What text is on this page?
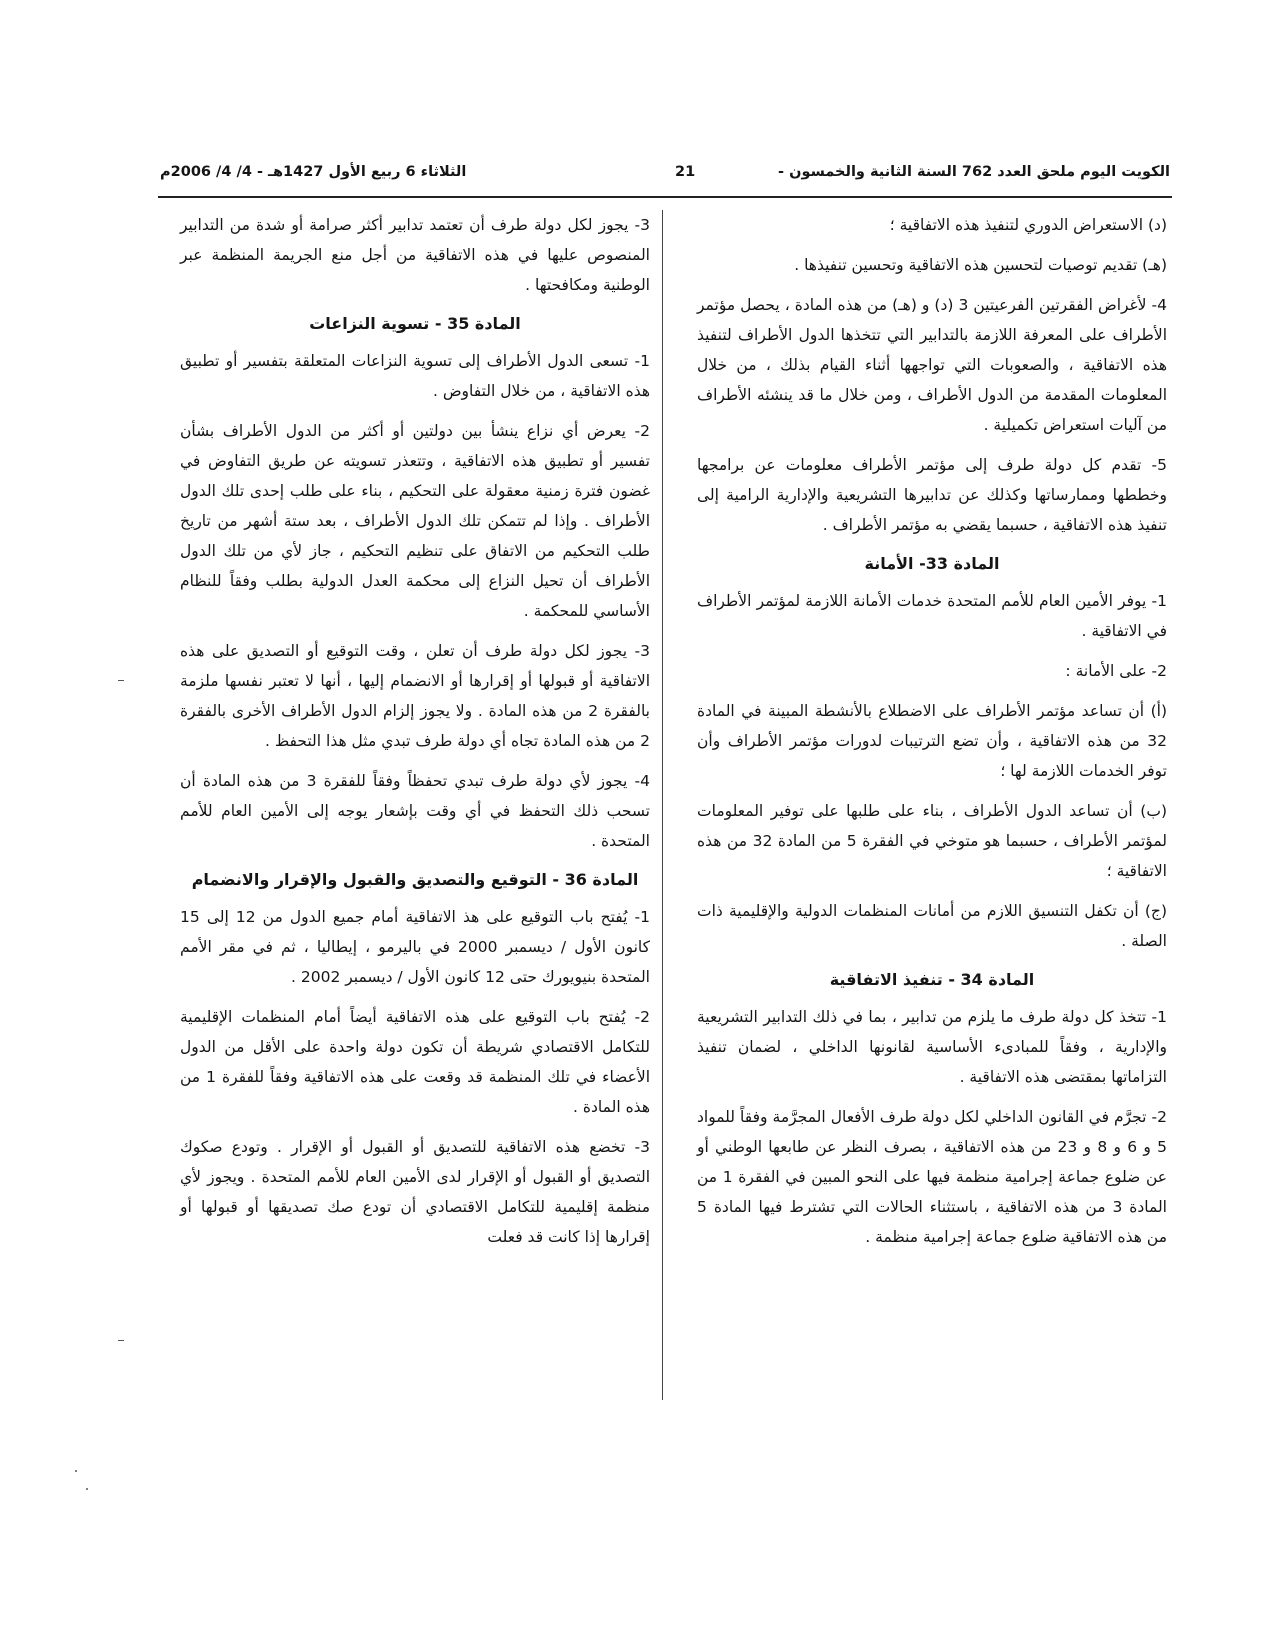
الكويت اليوم ملحق العدد 762 السنة الثانية والخمسون -
21
الثلاثاء 6 ربيع الأول 1427هـ - 4/ 4/ 2006م

(د) الاستعراض الدوري لتنفيذ هذه الاتفاقية ؛

(هـ) تقديم توصيات لتحسين هذه الاتفاقية وتحسين تنفيذها .

4- لأغراض الفقرتين الفرعيتين 3 (د) و (هـ) من هذه المادة ، يحصل مؤتمر الأطراف على المعرفة اللازمة بالتدابير التي تتخذها الدول الأطراف لتنفيذ هذه الاتفاقية ، والصعوبات التي تواجهها أثناء القيام بذلك ، من خلال المعلومات المقدمة من الدول الأطراف ، ومن خلال ما قد ينشئه الأطراف من آليات استعراض تكميلية .

5- تقدم كل دولة طرف إلى مؤتمر الأطراف معلومات عن برامجها وخططها وممارساتها وكذلك عن تدابيرها التشريعية والإدارية الرامية إلى تنفيذ هذه الاتفاقية ، حسبما يقضي به مؤتمر الأطراف .

المادة 33- الأمانة

1- يوفر الأمين العام للأمم المتحدة خدمات الأمانة اللازمة لمؤتمر الأطراف في الاتفاقية .

2- على الأمانة :

(أ) أن تساعد مؤتمر الأطراف على الاضطلاع بالأنشطة المبينة في المادة 32 من هذه الاتفاقية ، وأن تضع الترتيبات لدورات مؤتمر الأطراف وأن توفر الخدمات اللازمة لها ؛

(ب) أن تساعد الدول الأطراف ، بناء على طلبها على توفير المعلومات لمؤتمر الأطراف ، حسبما هو متوخي في الفقرة 5 من المادة 32 من هذه الاتفاقية ؛

(ج) أن تكفل التنسيق اللازم من أمانات المنظمات الدولية والإقليمية ذات الصلة .

المادة 34 - تنفيذ الاتفاقية

1- تتخذ كل دولة طرف ما يلزم من تدابير ، بما في ذلك التدابير التشريعية والإدارية ، وفقاً للمبادىء الأساسية لقانونها الداخلي ، لضمان تنفيذ التزاماتها بمقتضى هذه الاتفاقية .

2- تجرَّم في القانون الداخلي لكل دولة طرف الأفعال المجرَّمة وفقاً للمواد 5 و 6 و 8 و 23 من هذه الاتفاقية ، بصرف النظر عن طابعها الوطني أو عن ضلوع جماعة إجرامية منظمة فيها على النحو المبين في الفقرة 1 من المادة 3 من هذه الاتفاقية ، باستثناء الحالات التي تشترط فيها المادة 5 من هذه الاتفاقية ضلوع جماعة إجرامية منظمة .

3- يجوز لكل دولة طرف أن تعتمد تدابير أكثر صرامة أو شدة من التدابير المنصوص عليها في هذه الاتفاقية من أجل منع الجريمة المنظمة عبر الوطنية ومكافحتها .

المادة 35 - تسوية النزاعات

1- تسعى الدول الأطراف إلى تسوية النزاعات المتعلقة بتفسير أو تطبيق هذه الاتفاقية ، من خلال التفاوض .

2- يعرض أي نزاع ينشأ بين دولتين أو أكثر من الدول الأطراف بشأن تفسير أو تطبيق هذه الاتفاقية ، وتتعذر تسويته عن طريق التفاوض في غضون فترة زمنية معقولة على التحكيم ، بناء على طلب إحدى تلك الدول الأطراف . وإذا لم تتمكن تلك الدول الأطراف ، بعد ستة أشهر من تاريخ طلب التحكيم من الاتفاق على تنظيم التحكيم ، جاز لأي من تلك الدول الأطراف أن تحيل النزاع إلى محكمة العدل الدولية بطلب وفقاً للنظام الأساسي للمحكمة .

3- يجوز لكل دولة طرف أن تعلن ، وقت التوقيع أو التصديق على هذه الاتفاقية أو قبولها أو إقرارها أو الانضمام إليها ، أنها لا تعتبر نفسها ملزمة بالفقرة 2 من هذه المادة . ولا يجوز إلزام الدول الأطراف الأخرى بالفقرة 2 من هذه المادة تجاه أي دولة طرف تبدي مثل هذا التحفظ .

4- يجوز لأي دولة طرف تبدي تحفظاً وفقاً للفقرة 3 من هذه المادة أن تسحب ذلك التحفظ في أي وقت بإشعار يوجه إلى الأمين العام للأمم المتحدة .

المادة 36 - التوقيع والتصديق والقبول والإقرار والانضمام

1- يُفتح باب التوقيع على هذ الاتفاقية أمام جميع الدول من 12 إلى 15 كانون الأول / ديسمبر 2000 في باليرمو ، إيطاليا ، ثم في مقر الأمم المتحدة بنيويورك حتى 12 كانون الأول / ديسمبر 2002 .

2- يُفتح باب التوقيع على هذه الاتفاقية أيضاً أمام المنظمات الإقليمية للتكامل الاقتصادي شريطة أن تكون دولة واحدة على الأقل من الدول الأعضاء في تلك المنظمة قد وقعت على هذه الاتفاقية وفقاً للفقرة 1 من هذه المادة .

3- تخضع هذه الاتفاقية للتصديق أو القبول أو الإقرار . وتودع صكوك التصديق أو القبول أو الإقرار لدى الأمين العام للأمم المتحدة . ويجوز لأي منظمة إقليمية للتكامل الاقتصادي أن تودع صك تصديقها أو قبولها أو إقرارها إذا كانت قد فعلت
